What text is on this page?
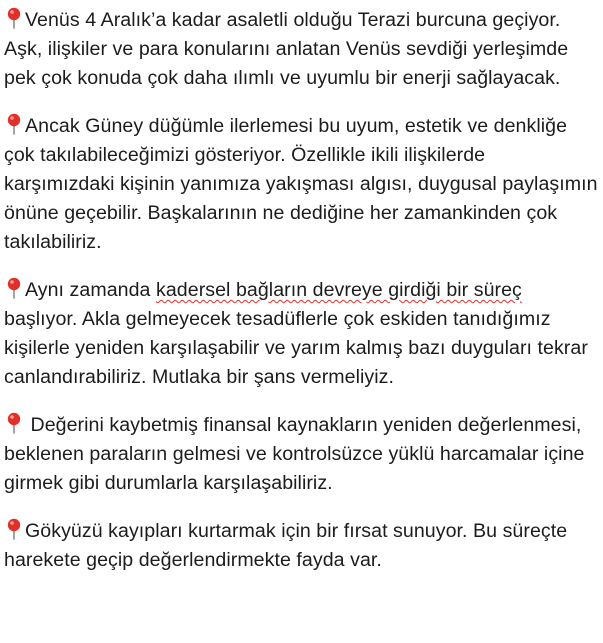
Venüs 4 Aralık’a kadar asaletli olduğu Terazi burcuna geçiyor. Aşk, ilişkiler ve para konularını anlatan Venüs sevdiği yerleşimde pek çok konuda çok daha ılımlı ve uyumlu bir enerji sağlayacak.

Ancak Güney düğümle ilerlemesi bu uyum, estetik ve denkliğe çok takılabileceğimizi gösteriyor. Özellikle ikili ilişkilerde karşımızdaki kişinin yanımıza yakışması algısı, duygusal paylaşımın önüne geçebilir. Başkalarının ne dediğine her zamankinden çok takılabiliriz.

Aynı zamanda kadersel bağların devreye girdiği bir süreç başlıyor. Akla gelmeyecek tesadüflerle çok eskiden tanıdığımız kişilerle yeniden karşılaşabilir ve yarım kalmış bazı duyguları tekrar canlandırabiliriz. Mutlaka bir şans vermeliyiz.

Değerini kaybetmiş finansal kaynakların yeniden değerlenmesi, beklenen paraların gelmesi ve kontrolsüzce yüklü harcamalar içine girmek gibi durumlarla karşılaşabiliriz.

Gökyüzü kayıpları kurtarmak için bir fırsat sunuyor. Bu süreçte harekete geçip değerlendirmekte fayda var.
